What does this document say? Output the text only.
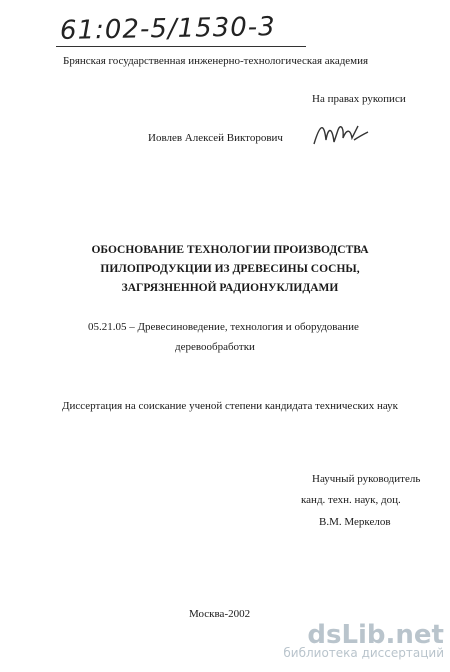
61:02-5/1530-3
Брянская государственная инженерно-технологическая академия
На правах рукописи
Иовлев Алексей Викторович
ОБОСНОВАНИЕ ТЕХНОЛОГИИ ПРОИЗВОДСТВА
ПИЛОПРОДУКЦИИ ИЗ ДРЕВЕСИНЫ СОСНЫ,
ЗАГРЯЗНЕННОЙ РАДИОНУКЛИДАМИ
05.21.05 – Древесиноведение, технология и оборудование
деревообработки
Диссертация на соискание ученой степени кандидата технических наук
Научный руководитель
канд. техн. наук, доц.
В.М. Меркелов
Москва-2002
dsLib.net
библиотека диссертаций
